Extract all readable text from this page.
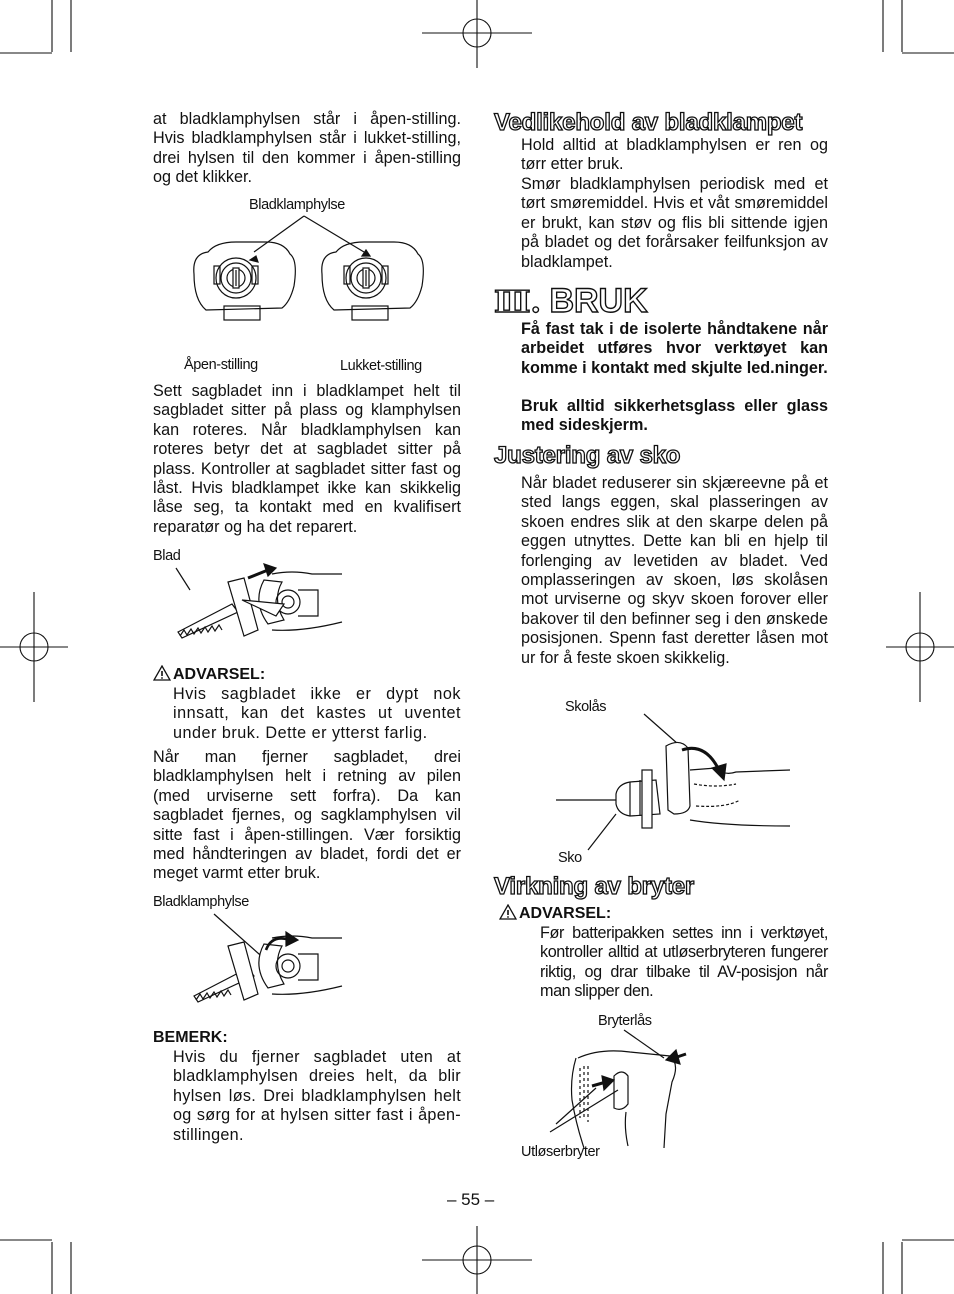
at bladklamphylsen står i åpen-stilling. Hvis bladklamphylsen står i lukket-stilling, drei hylsen til den kommer i åpen-stilling og det klikker.

Bladklamphylse
Åpen-stilling	Lukket-stilling

Sett sagbladet inn i bladklampet helt til sagbladet sitter på plass og klamphylsen kan roteres. Når bladklamphylsen kan roteres betyr det at sagbladet sitter på plass. Kontroller at sagbladet sitter fast og låst. Hvis bladklampet ikke kan skikkelig låse seg, ta kontakt med en kvalifisert reparatør og ha det reparert.

Blad
ADVARSEL:

Hvis sagbladet ikke er dypt nok innsatt, kan det kastes ut uventet under bruk. Dette er ytterst farlig.

Når man fjerner sagbladet, drei bladklamphylsen helt i retning av pilen (med urviserne sett forfra). Da kan sagbladet fjernes, og sagklamphylsen vil sitte fast i åpen-stillingen. Vær forsiktig med håndteringen av bladet, fordi det er meget varmt etter bruk.

Bladklamphylse
BEMERK:

Hvis du fjerner sagbladet uten at bladklamphylsen dreies helt, da blir hylsen løs. Drei bladklamphylsen helt og sørg for at hylsen sitter fast i åpen-stillingen.

Vedlikehold av bladklampet

Hold alltid at bladklamphylsen er ren og tørr etter bruk.

Smør bladklamphylsen periodisk med et tørt smøremiddel. Hvis et våt smøremiddel er brukt, kan støv og flis bli sittende igjen på bladet og det forårsaker feilfunksjon av bladklampet.

Ⅲ. BRUK

Få fast tak i de isolerte håndtakene når arbeidet utføres hvor verktøyet kan komme i kontakt med skjulte led.ninger.

Bruk alltid sikkerhetsglass eller glass med sideskjerm.

Justering av sko

Når bladet reduserer sin skjæreevne på et sted langs eggen, skal plasseringen av skoen endres slik at den skarpe delen på eggen utnyttes. Dette kan bli en hjelp til forlenging av levetiden av bladet. Ved omplasseringen av skoen, løs skolåsen mot urviserne og skyv skoen forover eller bakover til den befinner seg i den ønskede posisjonen. Spenn fast deretter låsen mot ur for å feste skoen skikkelig.

Skolås
Sko
Virkning av bryter
ADVARSEL:

Før batteripakken settes inn i verktøyet, kontroller alltid at utløserbryteren fungerer riktig, og drar tilbake til AV-posisjon når man slipper den.

Bryterlås
Utløserbryter
– 55 –
